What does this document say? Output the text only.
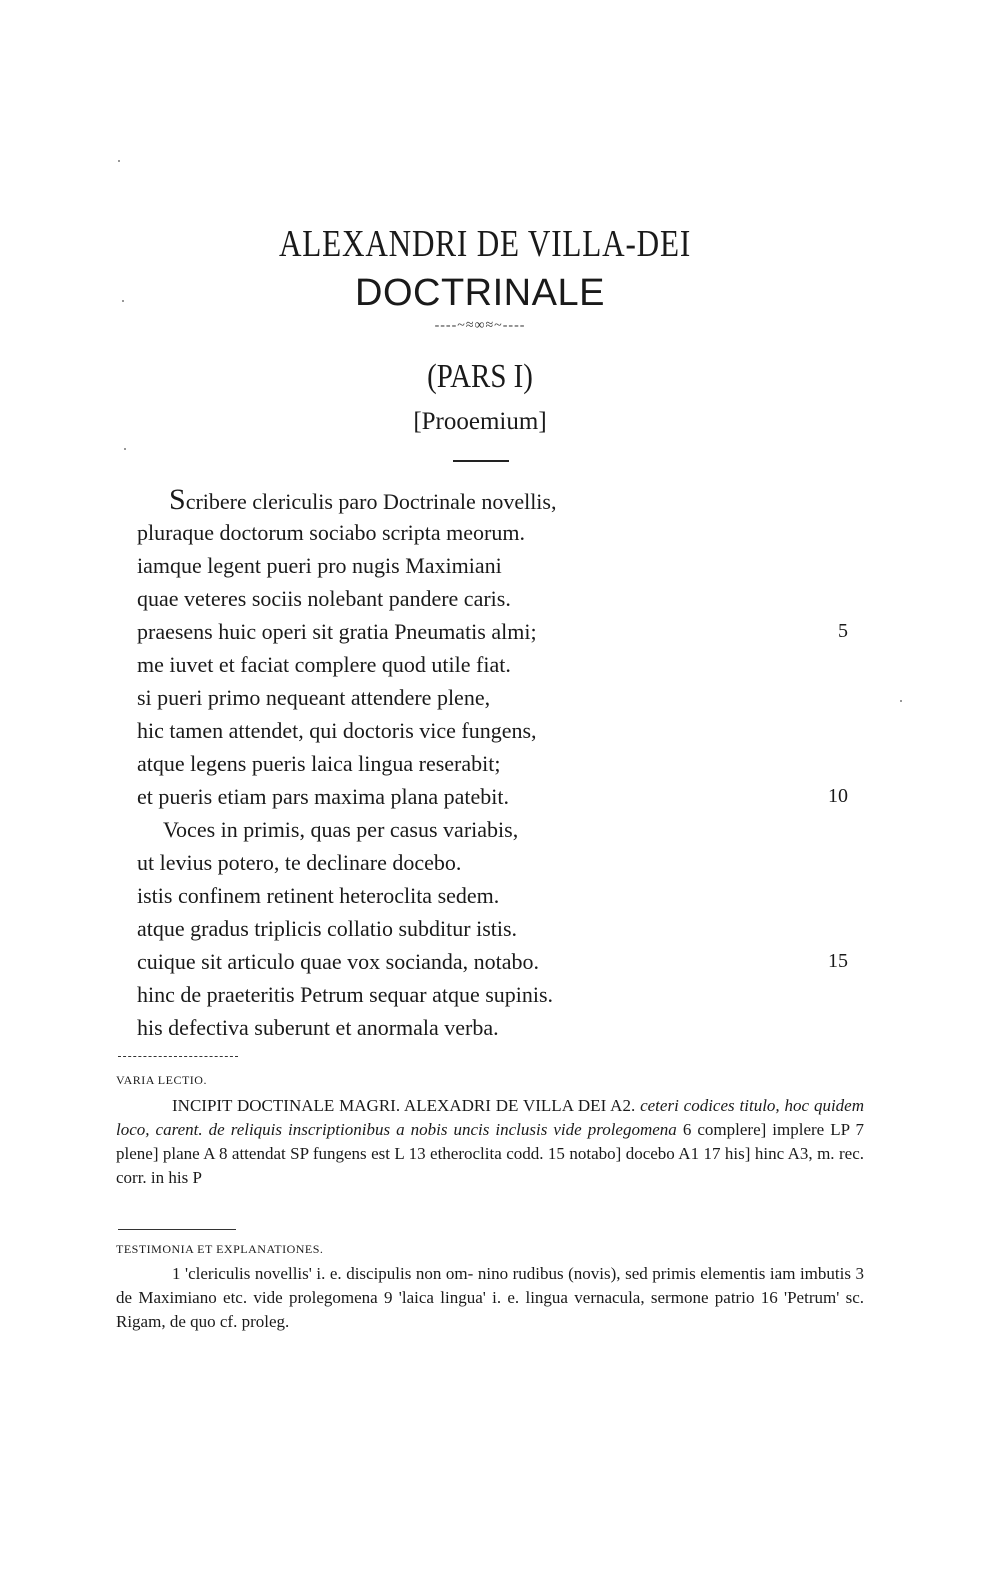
ALEXANDRI DE VILLA-DEI
DOCTRINALE
----~≈∞≈~----
(PARS I)
[Prooemium]
Scribere clericulis paro Doctrinale novellis,
pluraque doctorum sociabo scripta meorum.
iamque legent pueri pro nugis Maximiani
quae veteres sociis nolebant pandere caris.
praesens huic operi sit gratia Pneumatis almi;	5
me iuvet et faciat complere quod utile fiat.
si pueri primo nequeant attendere plene,
hic tamen attendet, qui doctoris vice fungens,
atque legens pueris laica lingua reserabit;
et pueris etiam pars maxima plana patebit.	10
Voces in primis, quas per casus variabis,
ut levius potero, te declinare docebo.
istis confinem retinent heteroclita sedem.
atque gradus triplicis collatio subditur istis.
cuique sit articulo quae vox socianda, notabo.	15
hinc de praeteritis Petrum sequar atque supinis.
his defectiva suberunt et anormala verba.
VARIA LECTIO.

INCIPIT DOCTINALE MAGRI. ALEXADRI DE VILLA DEI A2. ceteri codices titulo, hoc quidem loco, carent. de reliquis inscriptionibus a nobis uncis inclusis vide prolegomena 6 complere] implere LP 7 plene] plane A 8 attendat SP fungens est L 13 etheroclita codd. 15 notabo] docebo A1 17 his] hinc A3, m. rec. corr. in his P

TESTIMONIA ET EXPLANATIONES.

1 'clericulis novellis' i. e. discipulis non om- nino rudibus (novis), sed primis elementis iam imbutis 3 de Maximiano etc. vide prolegomena 9 'laica lingua' i. e. lingua vernacula, sermone patrio 16 'Petrum' sc. Rigam, de quo cf. proleg.
